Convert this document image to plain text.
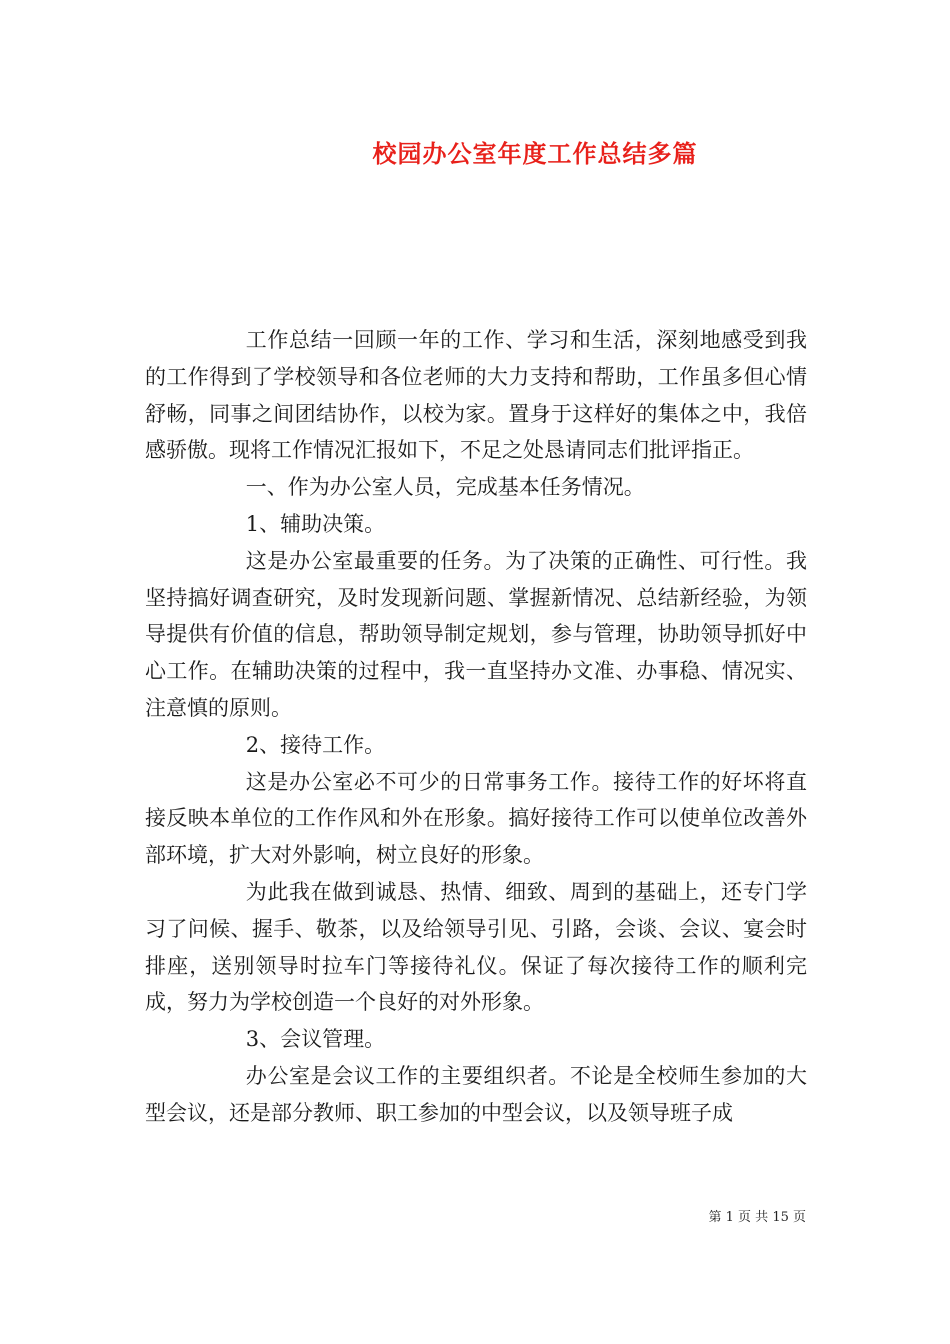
校园办公室年度工作总结多篇

工作总结一回顾一年的工作、学习和生活，深刻地感受到我的工作得到了学校领导和各位老师的大力支持和帮助，工作虽多但心情舒畅，同事之间团结协作，以校为家。置身于这样好的集体之中，我倍感骄傲。现将工作情况汇报如下，不足之处恳请同志们批评指正。

一、作为办公室人员，完成基本任务情况。

1、辅助决策。

这是办公室最重要的任务。为了决策的正确性、可行性。我坚持搞好调查研究，及时发现新问题、掌握新情况、总结新经验，为领导提供有价值的信息，帮助领导制定规划，参与管理，协助领导抓好中心工作。在辅助决策的过程中，我一直坚持办文准、办事稳、情况实、注意慎的原则。

2、接待工作。

这是办公室必不可少的日常事务工作。接待工作的好坏将直接反映本单位的工作作风和外在形象。搞好接待工作可以使单位改善外部环境，扩大对外影响，树立良好的形象。

为此我在做到诚恳、热情、细致、周到的基础上，还专门学习了问候、握手、敬茶，以及给领导引见、引路，会谈、会议、宴会时排座，送别领导时拉车门等接待礼仪。保证了每次接待工作的顺利完成，努力为学校创造一个良好的对外形象。

3、会议管理。

办公室是会议工作的主要组织者。不论是全校师生参加的大型会议，还是部分教师、职工参加的中型会议，以及领导班子成

第 1 页 共 15 页
